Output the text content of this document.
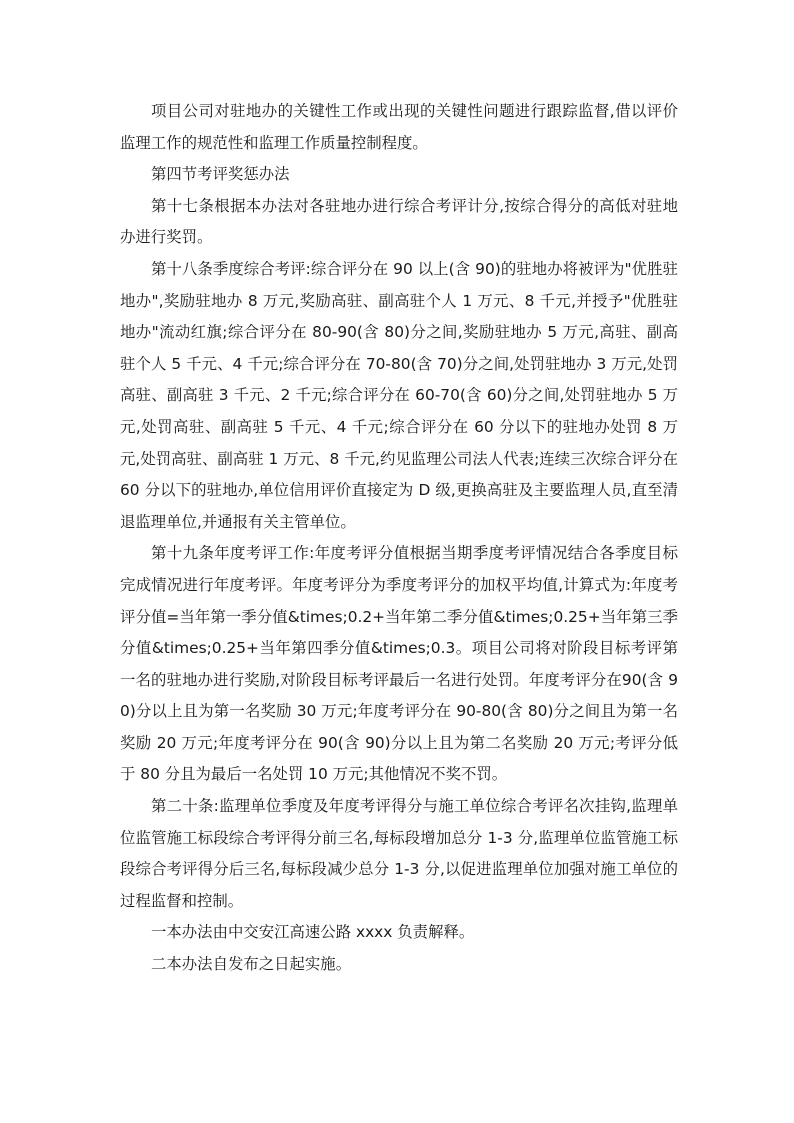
项目公司对驻地办的关键性工作或出现的关键性问题进行跟踪监督,借以评价监理工作的规范性和监理工作质量控制程度。

第四节考评奖惩办法

第十七条根据本办法对各驻地办进行综合考评计分,按综合得分的高低对驻地办进行奖罚。

第十八条季度综合考评:综合评分在 90 以上(含 90)的驻地办将被评为"优胜驻地办",奖励驻地办 8 万元,奖励高驻、副高驻个人 1 万元、8 千元,并授予"优胜驻地办"流动红旗;综合评分在 80-90(含 80)分之间,奖励驻地办 5 万元,高驻、副高驻个人 5 千元、4 千元;综合评分在 70-80(含 70)分之间,处罚驻地办 3 万元,处罚高驻、副高驻 3 千元、2 千元;综合评分在 60-70(含 60)分之间,处罚驻地办 5 万元,处罚高驻、副高驻 5 千元、4 千元;综合评分在 60 分以下的驻地办处罚 8 万元,处罚高驻、副高驻 1 万元、8 千元,约见监理公司法人代表;连续三次综合评分在 60 分以下的驻地办,单位信用评价直接定为 D 级,更换高驻及主要监理人员,直至清退监理单位,并通报有关主管单位。

第十九条年度考评工作:年度考评分值根据当期季度考评情况结合各季度目标完成情况进行年度考评。年度考评分为季度考评分的加权平均值,计算式为:年度考评分值=当年第一季分值&times;0.2+当年第二季分值&times;0.25+当年第三季分值&times;0.25+当年第四季分值&times;0.3。项目公司将对阶段目标考评第一名的驻地办进行奖励,对阶段目标考评最后一名进行处罚。年度考评分在90(含 90)分以上且为第一名奖励 30 万元;年度考评分在 90-80(含 80)分之间且为第一名奖励 20 万元;年度考评分在 90(含 90)分以上且为第二名奖励 20 万元;考评分低于 80 分且为最后一名处罚 10 万元;其他情况不奖不罚。

第二十条:监理单位季度及年度考评得分与施工单位综合考评名次挂钩,监理单位监管施工标段综合考评得分前三名,每标段增加总分 1-3 分,监理单位监管施工标段综合考评得分后三名,每标段减少总分 1-3 分,以促进监理单位加强对施工单位的过程监督和控制。

一本办法由中交安江高速公路 xxxx 负责解释。

二本办法自发布之日起实施。
